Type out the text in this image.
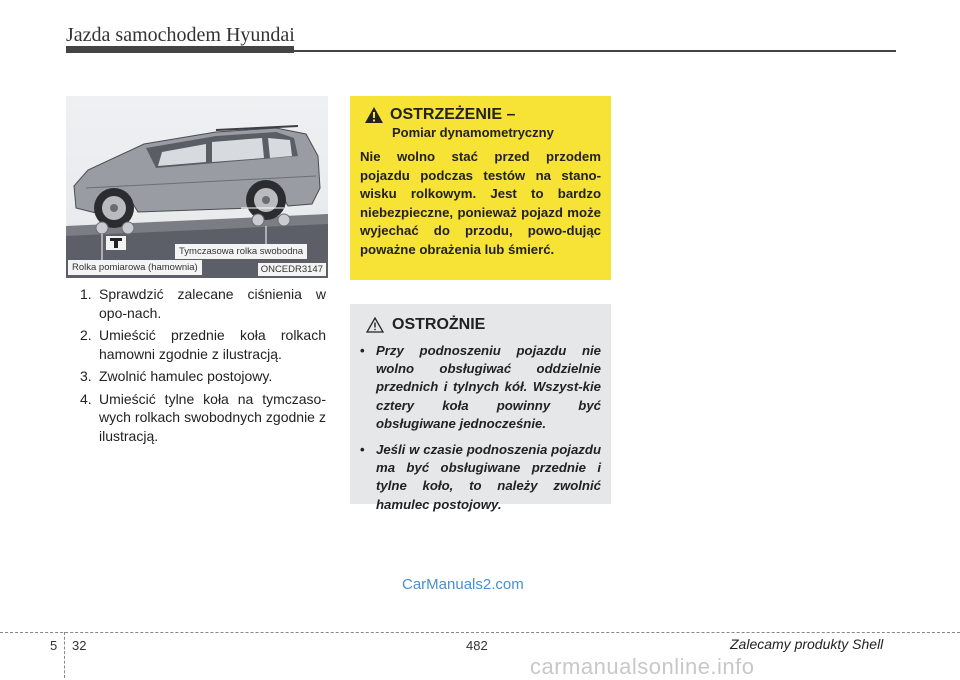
Jazda samochodem Hyundai
Tymczasowa rolka swobodna
Rolka pomiarowa (hamownia)	ONCEDR3147
1. Sprawdzić zalecane ciśnienia w opo-nach.
2. Umieścić przednie koła rolkach hamowni zgodnie z ilustracją.
3. Zwolnić hamulec postojowy.
4. Umieścić tylne koła na tymczaso-wych rolkach swobodnych zgodnie z ilustracją.
OSTRZEŻENIE –
Pomiar dynamometryczny
Nie wolno stać przed przodem pojazdu podczas testów na stano-wisku rolkowym. Jest to bardzo niebezpieczne, ponieważ pojazd może wyjechać do przodu, powo-dując poważne obrażenia lub śmierć.
OSTROŻNIE
• Przy podnoszeniu pojazdu nie wolno obsługiwać oddzielnie przednich i tylnych kół. Wszyst-kie cztery koła powinny być obsługiwane jednocześnie.
• Jeśli w czasie podnoszenia pojazdu ma być obsługiwane przednie i tylne koło, to należy zwolnić hamulec postojowy.
CarManuals2.com
5 32	482	Zalecamy produkty Shell
carmanualsonline.info
